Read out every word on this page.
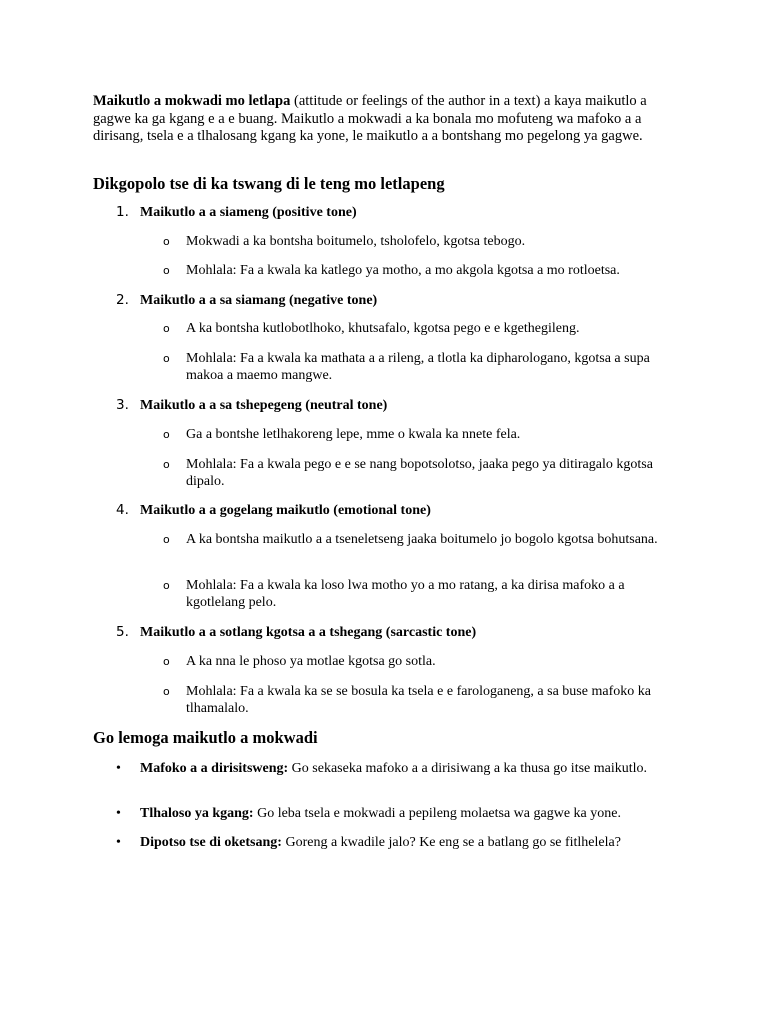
Maikutlo a mokwadi mo letlapa (attitude or feelings of the author in a text) a kaya maikutlo a gagwe ka ga kgang e a e buang. Maikutlo a mokwadi a ka bonala mo mofuteng wa mafoko a a dirisang, tsela e a tlhalosang kgang ka yone, le maikutlo a a bontshang mo pegelong ya gagwe.

Dikgopolo tse di ka tswang di le teng mo letlapeng
1. Maikutlo a a siameng (positive tone)
o Mokwadi a ka bontsha boitumelo, tsholofelo, kgotsa tebogo.
o Mohlala: Fa a kwala ka katlego ya motho, a mo akgola kgotsa a mo rotloetsa.
2. Maikutlo a a sa siamang (negative tone)
o A ka bontsha kutlobotlhoko, khutsafalo, kgotsa pego e e kgethegileng.
o Mohlala: Fa a kwala ka mathata a a rileng, a tlotla ka dipharologano, kgotsa a supa makoa a maemo mangwe.
3. Maikutlo a a sa tshepegeng (neutral tone)
o Ga a bontshe letlhakoreng lepe, mme o kwala ka nnete fela.
o Mohlala: Fa a kwala pego e e se nang bopotsolotso, jaaka pego ya ditiragalo kgotsa dipalo.
4. Maikutlo a a gogelang maikutlo (emotional tone)
o A ka bontsha maikutlo a a tseneletseng jaaka boitumelo jo bogolo kgotsa bohutsana.
o Mohlala: Fa a kwala ka loso lwa motho yo a mo ratang, a ka dirisa mafoko a a kgotlelang pelo.
5. Maikutlo a a sotlang kgotsa a a tshegang (sarcastic tone)
o A ka nna le phoso ya motlae kgotsa go sotla.
o Mohlala: Fa a kwala ka se se bosula ka tsela e e farologaneng, a sa buse mafoko ka tlhamalalo.
Go lemoga maikutlo a mokwadi
• Mafoko a a dirisitsweng: Go sekaseka mafoko a a dirisiwang a ka thusa go itse maikutlo.
• Tlhaloso ya kgang: Go leba tsela e mokwadi a pepileng molaetsa wa gagwe ka yone.
• Dipotso tse di oketsang: Goreng a kwadile jalo? Ke eng se a batlang go se fitlhelela?
